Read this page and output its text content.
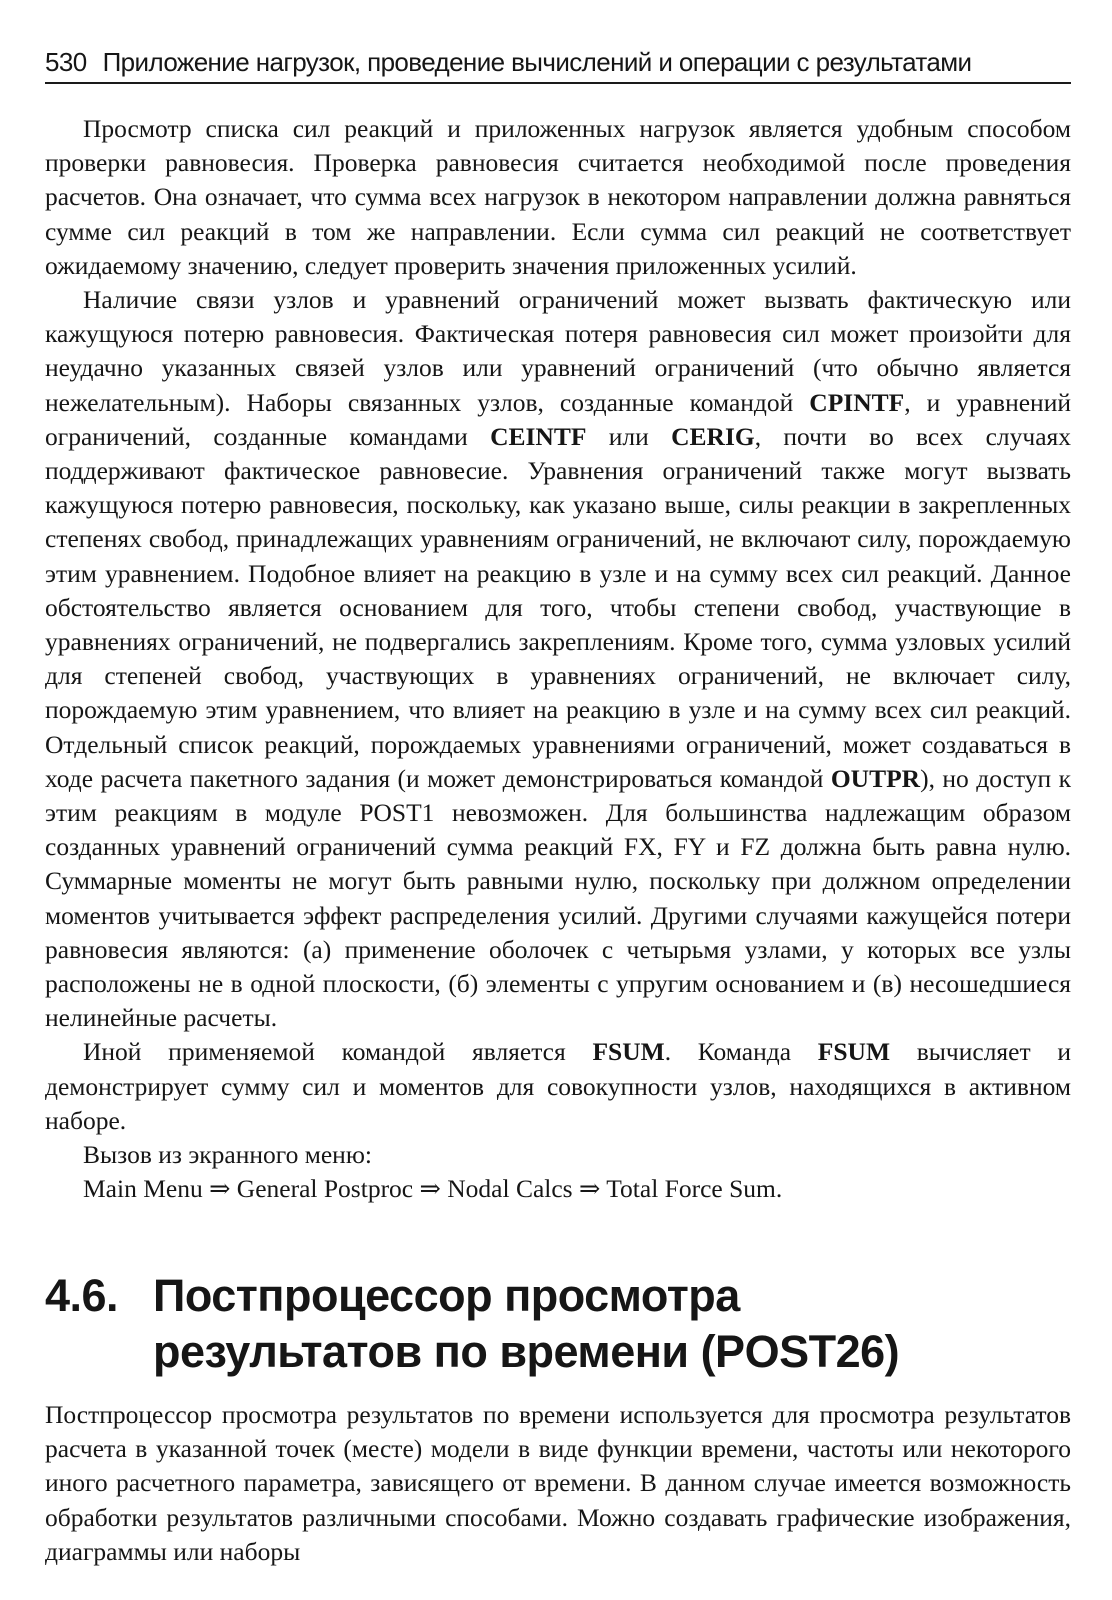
530 Приложение нагрузок, проведение вычислений и операции с результатами

Просмотр списка сил реакций и приложенных нагрузок является удобным способом проверки равновесия. Проверка равновесия считается необходимой после проведения расчетов. Она означает, что сумма всех нагрузок в некотором направлении должна равняться сумме сил реакций в том же направлении. Если сумма сил реакций не соответствует ожидаемому значению, следует проверить значения приложенных усилий.

Наличие связи узлов и уравнений ограничений может вызвать фактическую или кажущуюся потерю равновесия. Фактическая потеря равновесия сил может произойти для неудачно указанных связей узлов или уравнений ограничений (что обычно является нежелательным). Наборы связанных узлов, созданные командой CPINTF, и уравнений ограничений, созданные командами CEINTF или CERIG, почти во всех случаях поддерживают фактическое равновесие. Уравнения ограничений также могут вызвать кажущуюся потерю равновесия, поскольку, как указано выше, силы реакции в закрепленных степенях свобод, принадлежащих уравнениям ограничений, не включают силу, порождаемую этим уравнением. Подобное влияет на реакцию в узле и на сумму всех сил реакций. Данное обстоятельство является основанием для того, чтобы степени свобод, участвующие в уравнениях ограничений, не подвергались закреплениям. Кроме того, сумма узловых усилий для степеней свобод, участвующих в уравнениях ограничений, не включает силу, порождаемую этим уравнением, что влияет на реакцию в узле и на сумму всех сил реакций. Отдельный список реакций, порождаемых уравнениями ограничений, может создаваться в ходе расчета пакетного задания (и может демонстрироваться командой OUTPR), но доступ к этим реакциям в модуле POST1 невозможен. Для большинства надлежащим образом созданных уравнений ограничений сумма реакций FX, FY и FZ должна быть равна нулю. Суммарные моменты не могут быть равными нулю, поскольку при должном определении моментов учитывается эффект распределения усилий. Другими случаями кажущейся потери равновесия являются: (а) применение оболочек с четырьмя узлами, у которых все узлы расположены не в одной плоскости, (б) элементы с упругим основанием и (в) несошедшиеся нелинейные расчеты.

Иной применяемой командой является FSUM. Команда FSUM вычисляет и демонстрирует сумму сил и моментов для совокупности узлов, находящихся в активном наборе.

Вызов из экранного меню:

Main Menu ⇒ General Postproc ⇒ Nodal Calcs ⇒ Total Force Sum.

4.6. Постпроцессор просмотра
результатов по времени (POST26)

Постпроцессор просмотра результатов по времени используется для просмотра результатов расчета в указанной точек (месте) модели в виде функции времени, частоты или некоторого иного расчетного параметра, зависящего от времени. В данном случае имеется возможность обработки результатов различными способами. Можно создавать графические изображения, диаграммы или наборы
